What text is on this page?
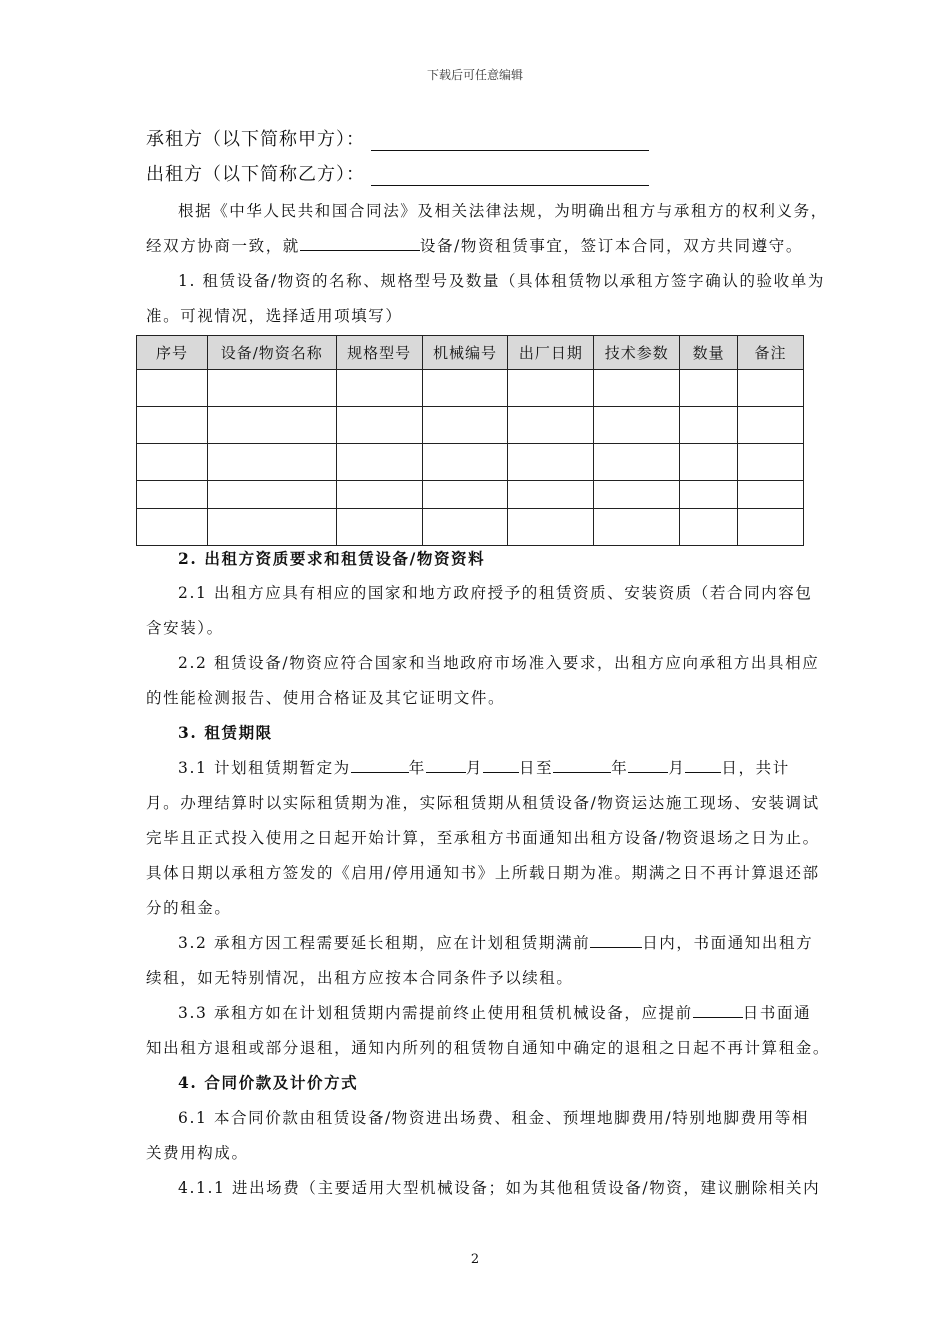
下载后可任意编辑
承租方（以下简称甲方）：
出租方（以下简称乙方）：
根据《中华人民共和国合同法》及相关法律法规，为明确出租方与承租方的权利义务，
经双方协商一致，就	设备/物资租赁事宜，签订本合同，双方共同遵守。
1. 租赁设备/物资的名称、规格型号及数量（具体租赁物以承租方签字确认的验收单为
准。可视情况，选择适用项填写）
序号	设备/物资名称	规格型号	机械编号	出厂日期	技术参数	数量	备注

2. 出租方资质要求和租赁设备/物资资料
2.1 出租方应具有相应的国家和地方政府授予的租赁资质、安装资质（若合同内容包
含安装）。
2.2 租赁设备/物资应符合国家和当地政府市场准入要求，出租方应向承租方出具相应
的性能检测报告、使用合格证及其它证明文件。
3. 租赁期限
3.1 计划租赁期暂定为	年	月 日至	年	月 日，共计
月。办理结算时以实际租赁期为准，实际租赁期从租赁设备/物资运达施工现场、安装调试
完毕且正式投入使用之日起开始计算，至承租方书面通知出租方设备/物资退场之日为止。
具体日期以承租方签发的《启用/停用通知书》上所载日期为准。期满之日不再计算退还部
分的租金。
3.2 承租方因工程需要延长租期，应在计划租赁期满前	日内，书面通知出租方
续租，如无特别情况，出租方应按本合同条件予以续租。
3.3 承租方如在计划租赁期内需提前终止使用租赁机械设备，应提前	日书面通
知出租方退租或部分退租，通知内所列的租赁物自通知中确定的退租之日起不再计算租金。
4. 合同价款及计价方式
6.1 本合同价款由租赁设备/物资进出场费、租金、预埋地脚费用/特别地脚费用等相
关费用构成。
4.1.1 进出场费（主要适用大型机械设备；如为其他租赁设备/物资，建议删除相关内
2
